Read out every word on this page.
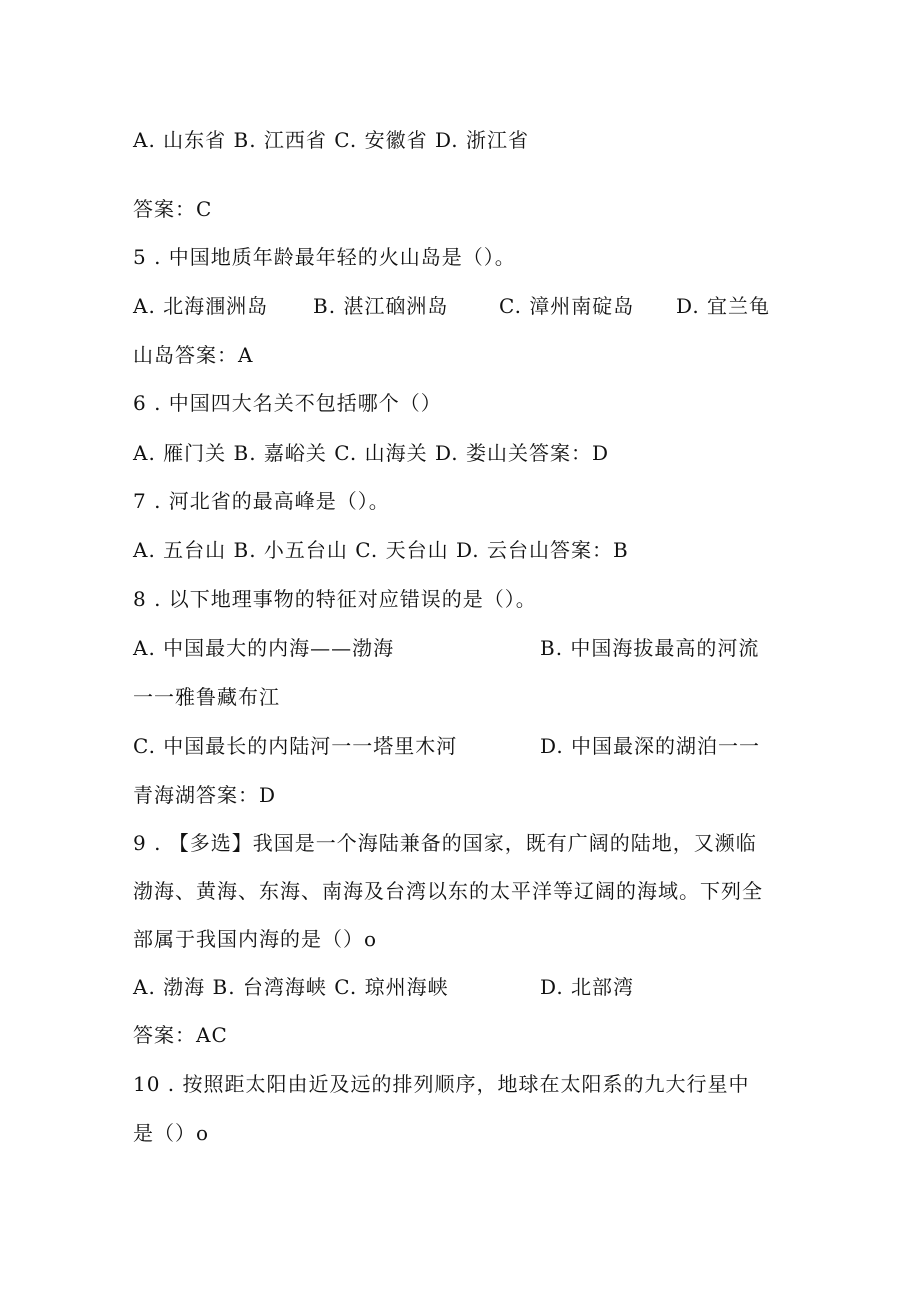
A. 山东省 B. 江西省 C. 安徽省 D. 浙江省
答案：C
5 . 中国地质年龄最年轻的火山岛是（）。
A. 北海涠洲岛 B. 湛江硇洲岛	C. 漳州南碇岛 D. 宜兰龟
山岛答案：A
6 . 中国四大名关不包括哪个（）
A. 雁门关 B. 嘉峪关 C. 山海关 D. 娄山关答案：D
7 . 河北省的最高峰是（）。
A. 五台山 B. 小五台山 C. 天台山 D. 云台山答案：B
8 . 以下地理事物的特征对应错误的是（）。
A. 中国最大的内海——渤海	B. 中国海拔最高的河流
一一雅鲁藏布江
C. 中国最长的内陆河一一塔里木河	D. 中国最深的湖泊一一
青海湖答案：D
9 . 【多选】我国是一个海陆兼备的国家，既有广阔的陆地，又濒临
渤海、黄海、东海、南海及台湾以东的太平洋等辽阔的海域。下列全
部属于我国内海的是（）o
A. 渤海 B. 台湾海峡 C. 琼州海峡	D. 北部湾
答案：AC
10 . 按照距太阳由近及远的排列顺序，地球在太阳系的九大行星中
是（）o
